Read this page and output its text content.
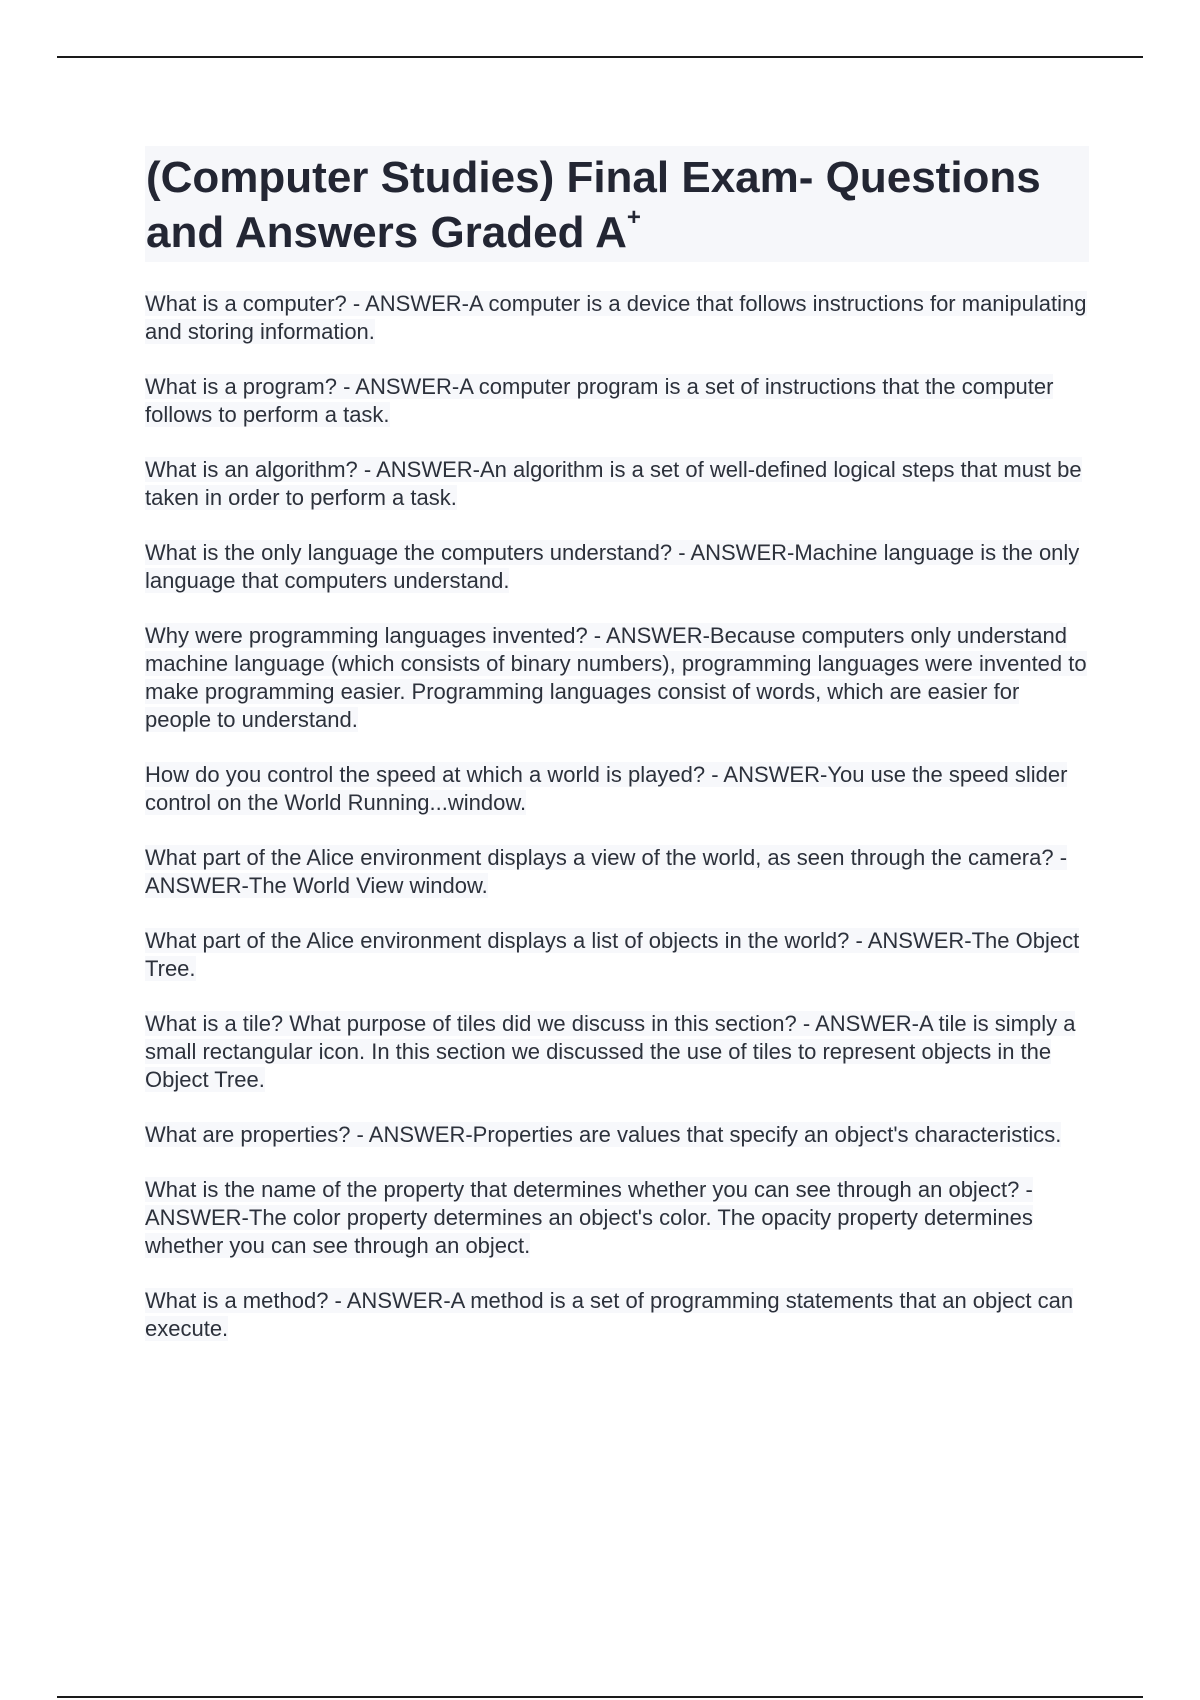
(Computer Studies) Final Exam- Questions and Answers Graded A+
What is a computer? - ANSWER-A computer is a device that follows instructions for manipulating and storing information.
What is a program? - ANSWER-A computer program is a set of instructions that the computer follows to perform a task.
What is an algorithm? - ANSWER-An algorithm is a set of well-defined logical steps that must be taken in order to perform a task.
What is the only language the computers understand? - ANSWER-Machine language is the only language that computers understand.
Why were programming languages invented? - ANSWER-Because computers only understand machine language (which consists of binary numbers), programming languages were invented to make programming easier. Programming languages consist of words, which are easier for people to understand.
How do you control the speed at which a world is played? - ANSWER-You use the speed slider control on the World Running...window.
What part of the Alice environment displays a view of the world, as seen through the camera? - ANSWER-The World View window.
What part of the Alice environment displays a list of objects in the world? - ANSWER-The Object Tree.
What is a tile? What purpose of tiles did we discuss in this section? - ANSWER-A tile is simply a small rectangular icon. In this section we discussed the use of tiles to represent objects in the Object Tree.
What are properties? - ANSWER-Properties are values that specify an object's characteristics.
What is the name of the property that determines whether you can see through an object? - ANSWER-The color property determines an object's color. The opacity property determines whether you can see through an object.
What is a method? - ANSWER-A method is a set of programming statements that an object can execute.
